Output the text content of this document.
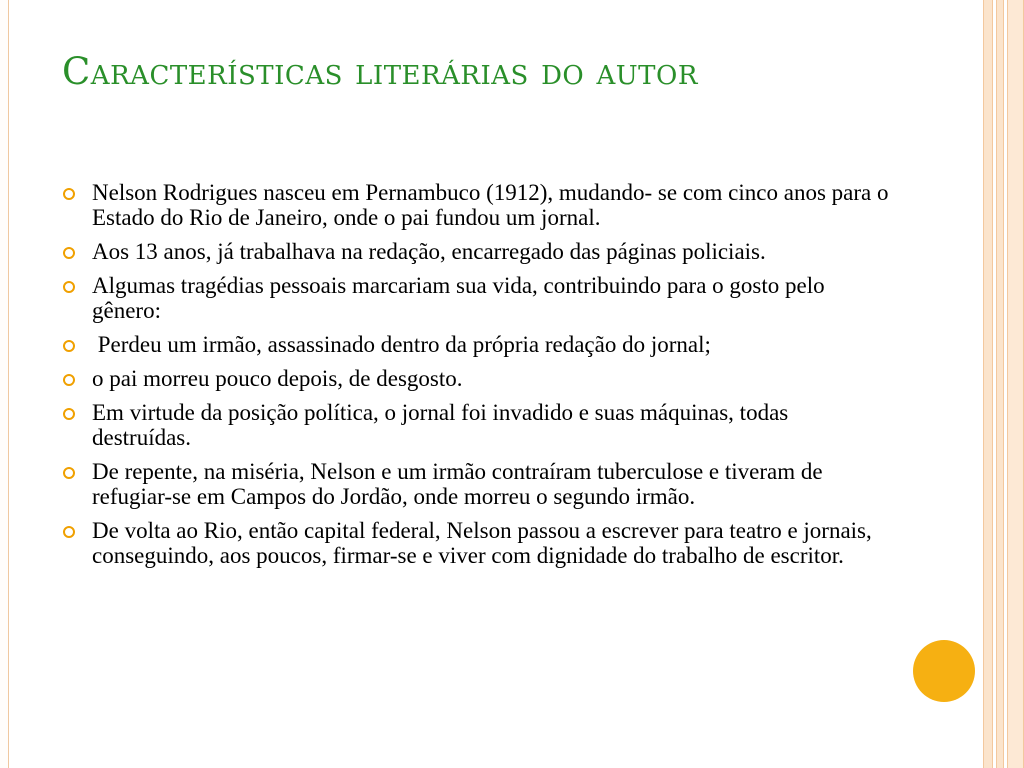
Características literárias do autor
Nelson Rodrigues nasceu em Pernambuco (1912), mudando- se com cinco anos para o Estado do Rio de Janeiro, onde o pai fundou um jornal.
Aos 13 anos, já trabalhava na redação, encarregado das páginas policiais.
Algumas tragédias pessoais marcariam sua vida, contribuindo para o gosto pelo gênero:
Perdeu um irmão, assassinado dentro da própria redação do jornal;
o pai morreu pouco depois, de desgosto.
Em virtude da posição política, o jornal foi invadido e suas máquinas, todas destruídas.
De repente, na miséria, Nelson e um irmão contraíram tuberculose e tiveram de refugiar-se em Campos do Jordão, onde morreu o segundo irmão.
De volta ao Rio, então capital federal, Nelson passou a escrever para teatro e jornais, conseguindo, aos poucos, firmar-se e viver com dignidade do trabalho de escritor.
